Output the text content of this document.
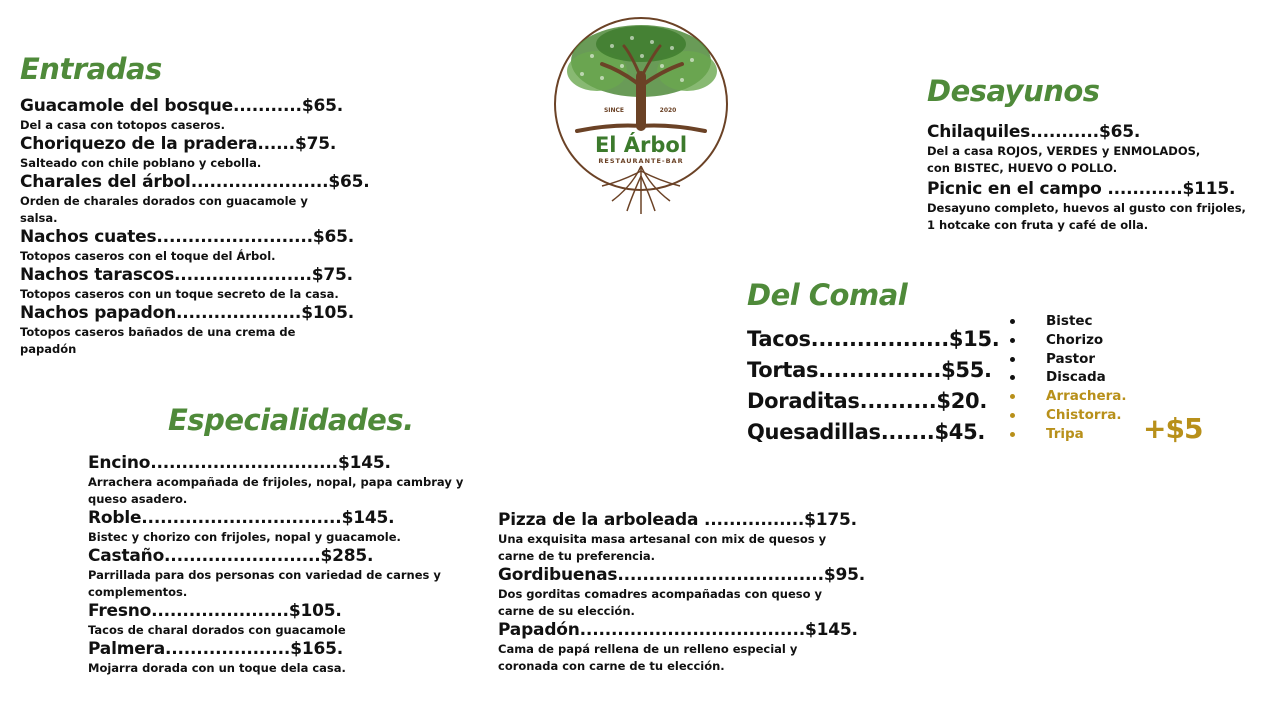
Entradas
Guacamole del bosque...........$65.
Del a casa con totopos caseros.
Choriquezo de la pradera......$75.
Salteado con chile poblano y cebolla.
Charales del árbol......................$65.
Orden de charales dorados con guacamole y salsa.
Nachos cuates.........................$65.
Totopos caseros con el toque del Árbol.
Nachos tarascos......................$75.
Totopos caseros con un toque secreto de la casa.
Nachos papadon....................$105.
Totopos caseros bañados de una crema de papadón
SINCE	2020
El Árbol
RESTAURANTE-BAR
Desayunos
Chilaquiles...........$65.
Del a casa ROJOS, VERDES y ENMOLADOS, con BISTEC, HUEVO O POLLO.
Picnic en el campo ............$115.
Desayuno completo, huevos al gusto con frijoles, 1 hotcake con fruta y café de olla.
Del Comal
Tacos..................$15.
Tortas................$55.
Doraditas..........$20.
Quesadillas.......$45.
Bistec
Chorizo
Pastor
Discada
Arrachera.
Chistorra.
Tripa	+$5
Especialidades.
Encino..............................$145.
Arrachera acompañada de frijoles, nopal, papa cambray y queso asadero.
Roble................................$145.
Bistec y chorizo con frijoles, nopal y guacamole.
Castaño.........................$285.
Parrillada para dos personas con variedad de carnes y complementos.
Fresno......................$105.
Tacos de charal dorados con guacamole
Palmera....................$165.
Mojarra dorada con un toque dela casa.
Pizza de la arboleada ................$175.
Una exquisita masa artesanal con mix de quesos y carne de tu preferencia.
Gordibuenas.................................$95.
Dos gorditas comadres acompañadas con queso y carne de su elección.
Papadón....................................$145.
Cama de papá rellena de un relleno especial y coronada con carne de tu elección.
